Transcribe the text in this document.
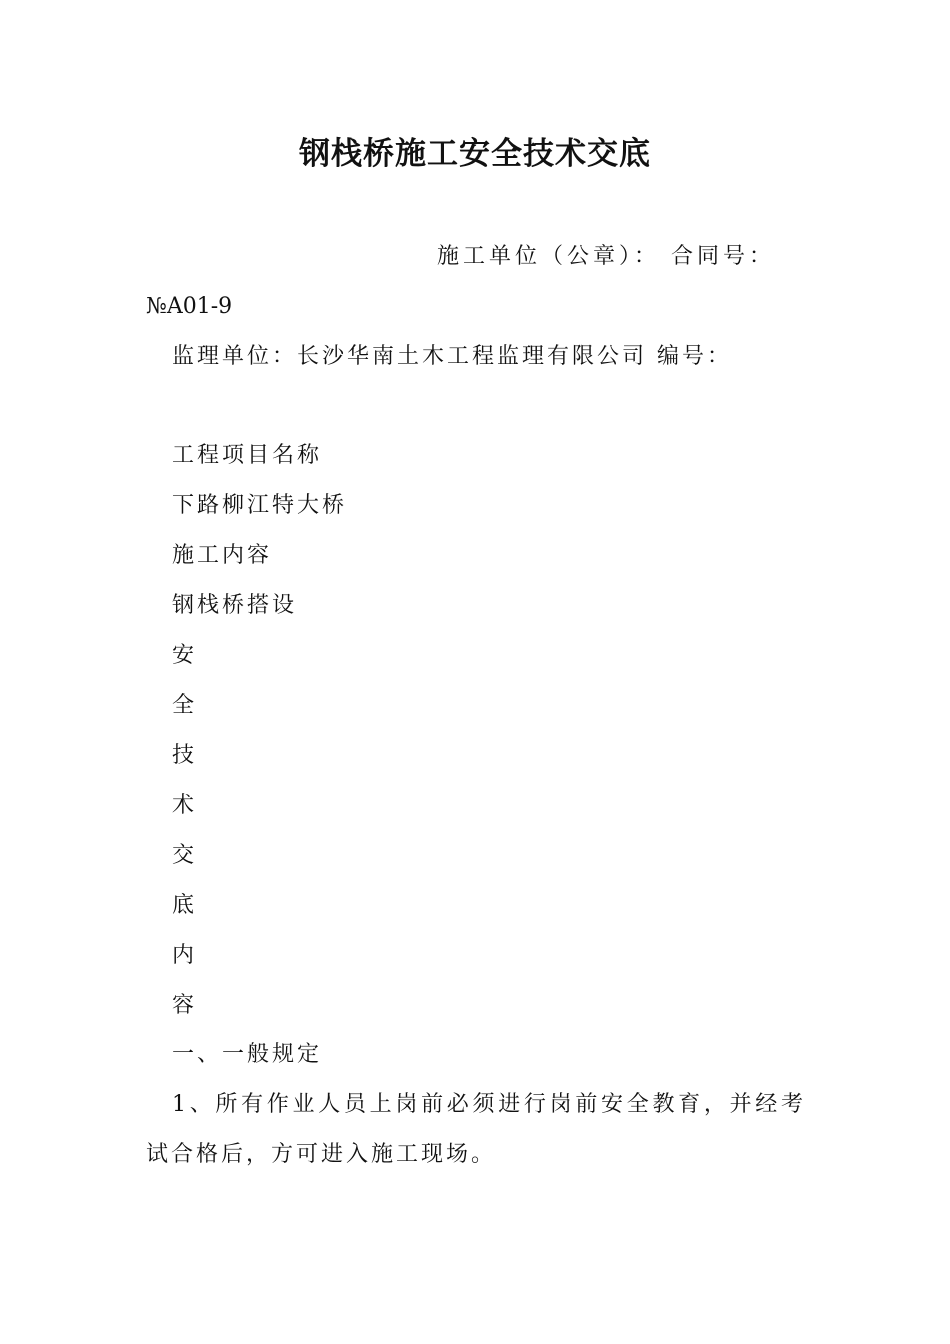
钢栈桥施工安全技术交底
施工单位（公章）： 合同号：
№A01-9
监理单位：长沙华南土木工程监理有限公司 编号：
工程项目名称
下路柳江特大桥
施工内容
钢栈桥搭设
安
全
技
术
交
底
内
容
一、一般规定
1、所有作业人员上岗前必须进行岗前安全教育，并经考试合格后，方可进入施工现场。
